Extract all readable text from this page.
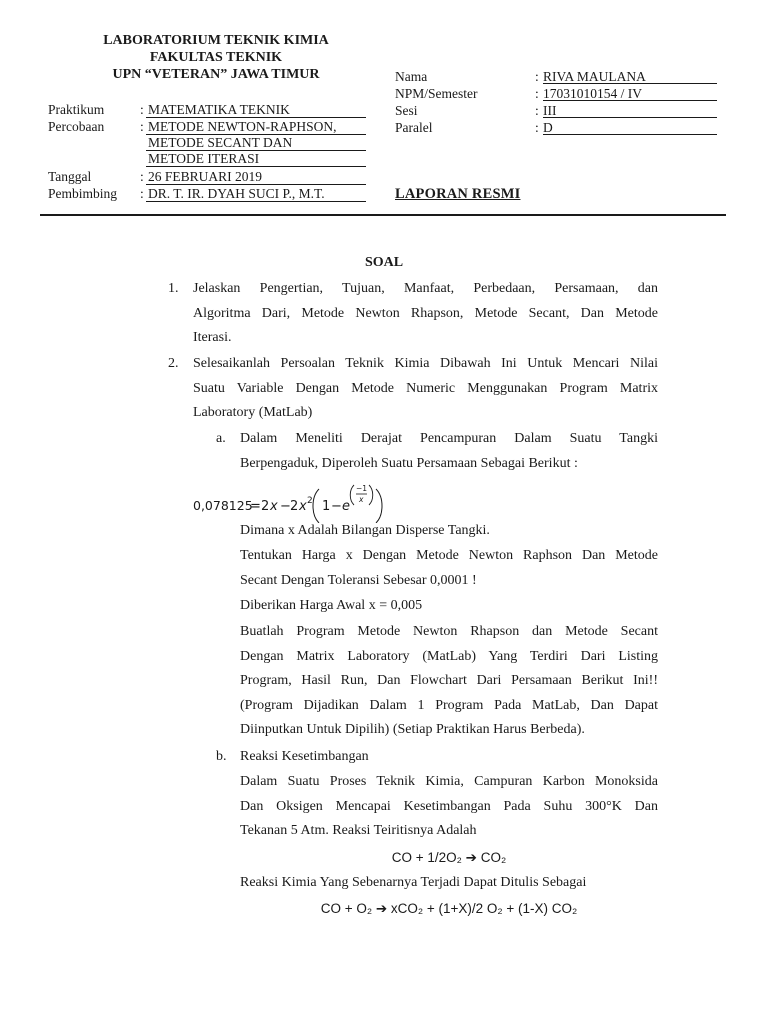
LABORATORIUM TEKNIK KIMIA
FAKULTAS TEKNIK
UPN “VETERAN” JAWA TIMUR	Nama	: RIVA MAULANA
NPM/Semester	: 17031010154 / IV
Sesi	: III
Paralel	: D
Praktikum	: MATEMATIKA TEKNIK
Percobaan	: METODE NEWTON-RAPHSON,
METODE SECANT DAN
METODE ITERASI
Tanggal	: 26 FEBRUARI 2019
Pembimbing : DR. T. IR. DYAH SUCI P., M.T.	LAPORAN RESMI
SOAL
1. Jelaskan Pengertian, Tujuan, Manfaat, Perbedaan, Persamaan, dan
Algoritma Dari, Metode Newton Rhapson, Metode Secant, Dan Metode
Iterasi.
2. Selesaikanlah Persoalan Teknik Kimia Dibawah Ini Untuk Mencari Nilai
Suatu Variable Dengan Metode Numeric Menggunakan Program Matrix
Laboratory (MatLab)
a. Dalam Meneliti Derajat Pencampuran Dalam Suatu Tangki
Berpengaduk, Diperoleh Suatu Persamaan Sebagai Berikut :
0,078125
= 2 x − 2 x 2 1 − e
−1
x
Dimana x Adalah Bilangan Disperse Tangki.
Tentukan Harga x Dengan Metode Newton Raphson Dan Metode
Secant Dengan Toleransi Sebesar 0,0001 !
Diberikan Harga Awal x = 0,005
Buatlah Program Metode Newton Rhapson dan Metode Secant
Dengan Matrix Laboratory (MatLab) Yang Terdiri Dari Listing
Program, Hasil Run, Dan Flowchart Dari Persamaan Berikut Ini!!
(Program Dijadikan Dalam 1 Program Pada MatLab, Dan Dapat
Diinputkan Untuk Dipilih) (Setiap Praktikan Harus Berbeda).
b. Reaksi Kesetimbangan
Dalam Suatu Proses Teknik Kimia, Campuran Karbon Monoksida
Dan Oksigen Mencapai Kesetimbangan Pada Suhu 300°K Dan
Tekanan 5 Atm. Reaksi Teiritisnya Adalah
CO + 1/2O₂ ➔ CO₂
Reaksi Kimia Yang Sebenarnya Terjadi Dapat Ditulis Sebagai
CO + O₂ ➔ xCO₂ + (1+X)/2 O₂ + (1-X) CO₂
